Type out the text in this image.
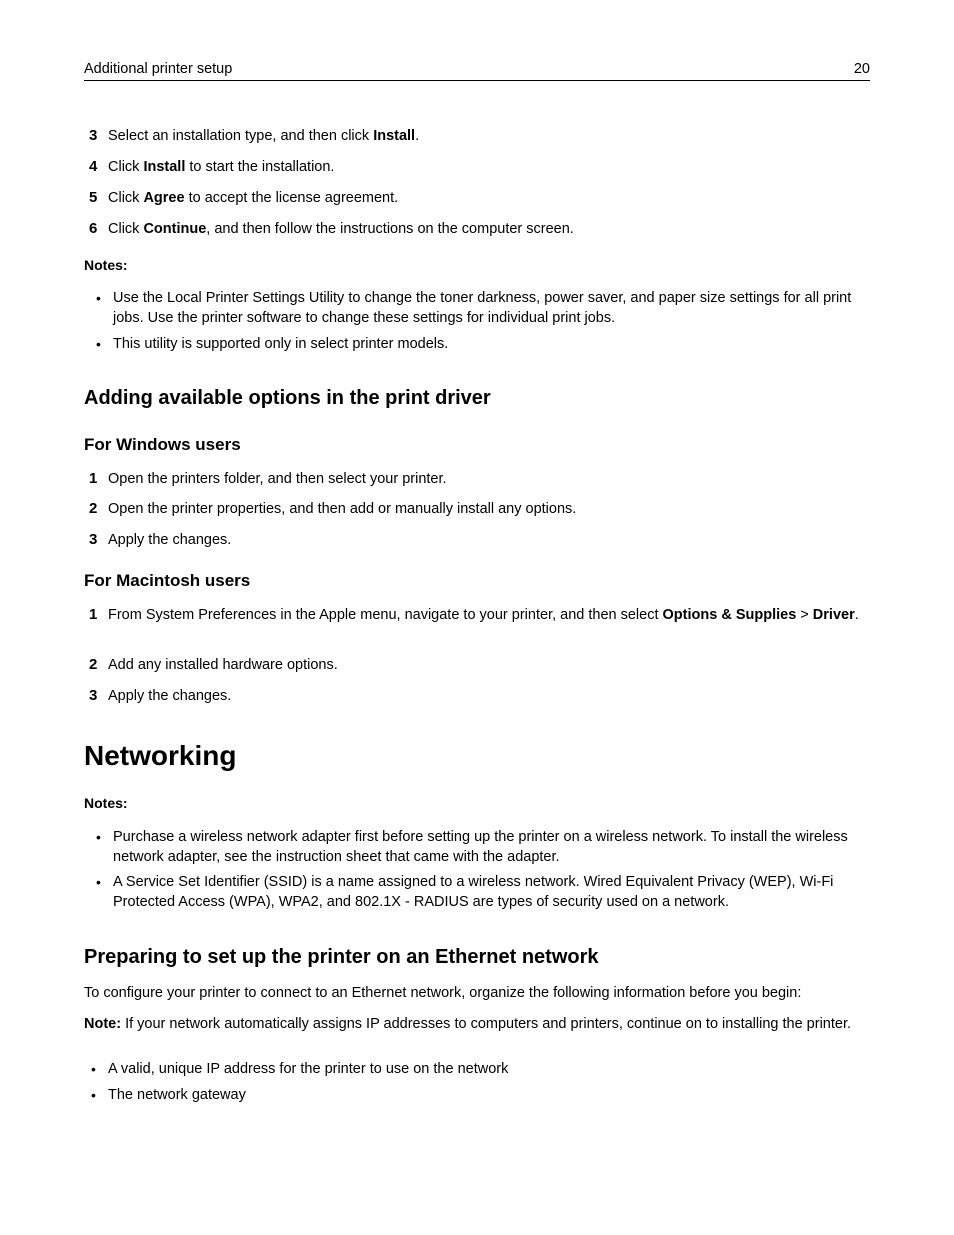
Additional printer setup	20
3 Select an installation type, and then click Install.
4 Click Install to start the installation.
5 Click Agree to accept the license agreement.
6 Click Continue, and then follow the instructions on the computer screen.
Notes:
• Use the Local Printer Settings Utility to change the toner darkness, power saver, and paper size settings for all print jobs. Use the printer software to change these settings for individual print jobs.
• This utility is supported only in select printer models.
Adding available options in the print driver
For Windows users
1 Open the printers folder, and then select your printer.
2 Open the printer properties, and then add or manually install any options.
3 Apply the changes.
For Macintosh users
1 From System Preferences in the Apple menu, navigate to your printer, and then select Options & Supplies > Driver.
2 Add any installed hardware options.
3 Apply the changes.
Networking
Notes:
• Purchase a wireless network adapter first before setting up the printer on a wireless network. To install the wireless network adapter, see the instruction sheet that came with the adapter.
• A Service Set Identifier (SSID) is a name assigned to a wireless network. Wired Equivalent Privacy (WEP), Wi-Fi Protected Access (WPA), WPA2, and 802.1X - RADIUS are types of security used on a network.
Preparing to set up the printer on an Ethernet network
To configure your printer to connect to an Ethernet network, organize the following information before you begin:
Note: If your network automatically assigns IP addresses to computers and printers, continue on to installing the printer.
• A valid, unique IP address for the printer to use on the network
• The network gateway
